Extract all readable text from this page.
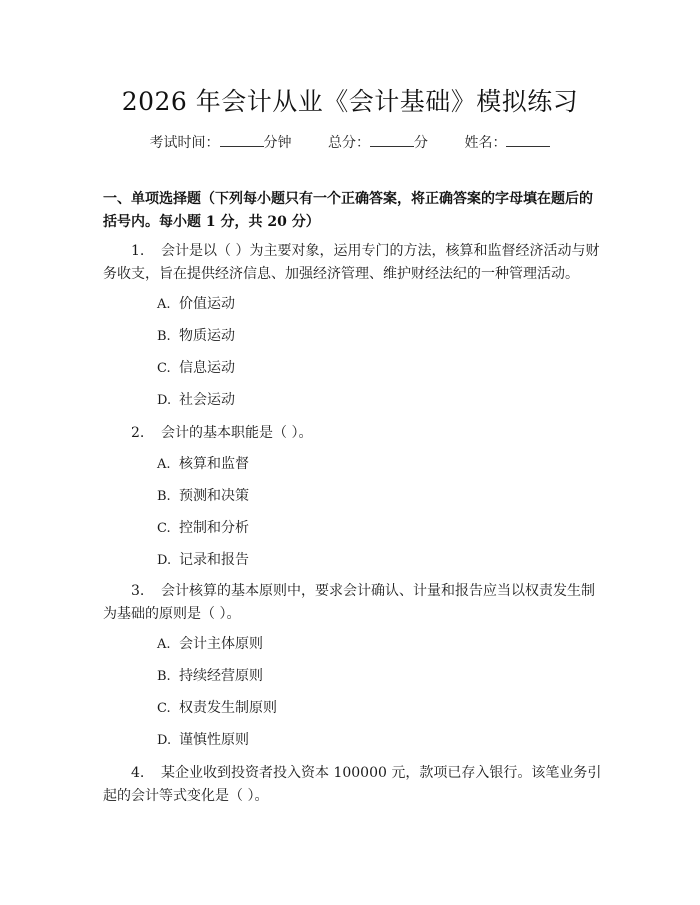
2026 年会计从业《会计基础》模拟练习
考试时间：	分钟	总分：	分	姓名：
一、单项选择题（下列每小题只有一个正确答案，将正确答案的字母填在题后的括号内。每小题 1 分，共 20 分）
1. 会计是以（ ）为主要对象，运用专门的方法，核算和监督经济活动与财务收支，旨在提供经济信息、加强经济管理、维护财经法纪的一种管理活动。
A. 价值运动
B. 物质运动
C. 信息运动
D. 社会运动
2. 会计的基本职能是（ ）。
A. 核算和监督
B. 预测和决策
C. 控制和分析
D. 记录和报告
3. 会计核算的基本原则中，要求会计确认、计量和报告应当以权责发生制为基础的原则是（ ）。
A. 会计主体原则
B. 持续经营原则
C. 权责发生制原则
D. 谨慎性原则
4. 某企业收到投资者投入资本 100000 元，款项已存入银行。该笔业务引起的会计等式变化是（ ）。
